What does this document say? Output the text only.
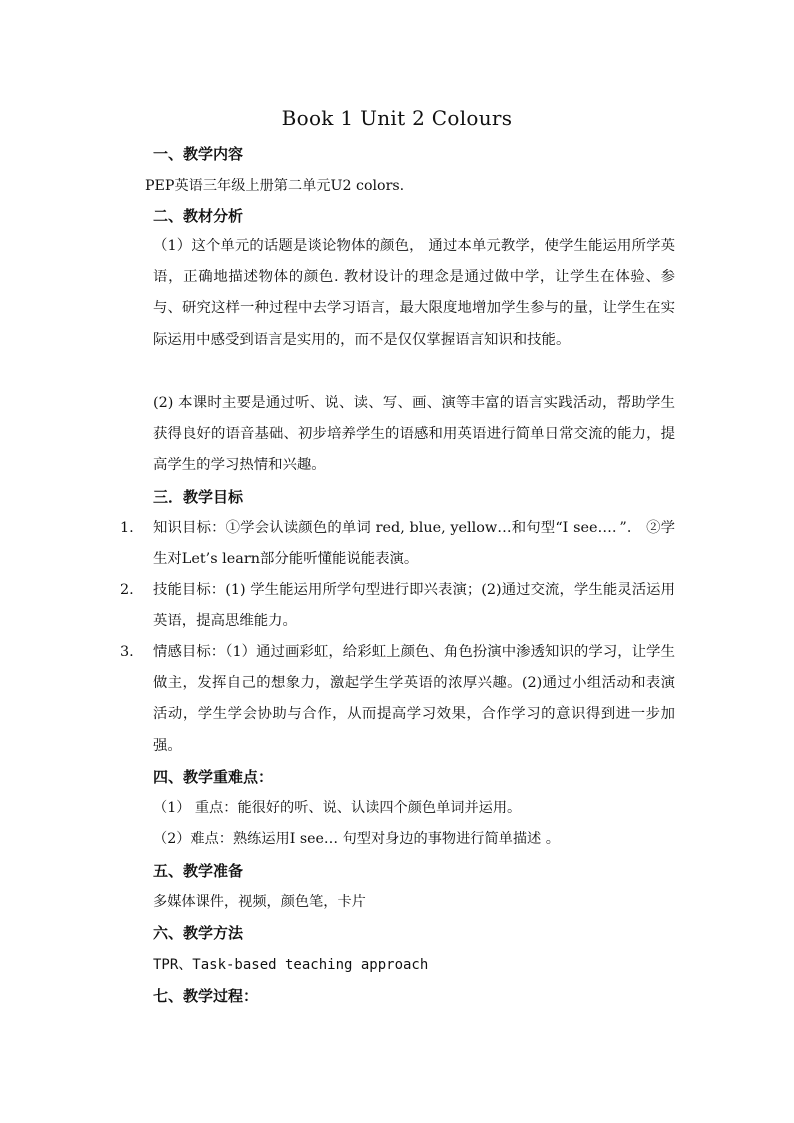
Book 1 Unit 2 Colours
一、教学内容
PEP英语三年级上册第二单元U2 colors.
二、教材分析
（1）这个单元的话题是谈论物体的颜色， 通过本单元教学，使学生能运用所学英语，正确地描述物体的颜色. 教材设计的理念是通过做中学，让学生在体验、参与、研究这样一种过程中去学习语言，最大限度地增加学生参与的量，让学生在实际运用中感受到语言是实用的，而不是仅仅掌握语言知识和技能。
(2) 本课时主要是通过听、说、读、写、画、演等丰富的语言实践活动，帮助学生获得良好的语音基础、初步培养学生的语感和用英语进行简单日常交流的能力，提高学生的学习热情和兴趣。
三．教学目标
1. 知识目标：①学会认读颜色的单词 red, blue, yellow…和句型“I see…．”． ②学生对Let’s learn部分能听懂能说能表演。
2. 技能目标：(1) 学生能运用所学句型进行即兴表演；(2)通过交流，学生能灵活运用英语，提高思维能力。
3. 情感目标：（1）通过画彩虹，给彩虹上颜色、角色扮演中渗透知识的学习，让学生做主，发挥自己的想象力，激起学生学英语的浓厚兴趣。(2)通过小组活动和表演活动，学生学会协助与合作，从而提高学习效果，合作学习的意识得到进一步加强。
四、教学重难点：
（1） 重点：能很好的听、说、认读四个颜色单词并运用。
（2）难点：熟练运用I see… 句型对身边的事物进行简单描述 。
五、教学准备
多媒体课件，视频，颜色笔，卡片
六、教学方法
TPR、Task-based teaching approach
七、教学过程：
